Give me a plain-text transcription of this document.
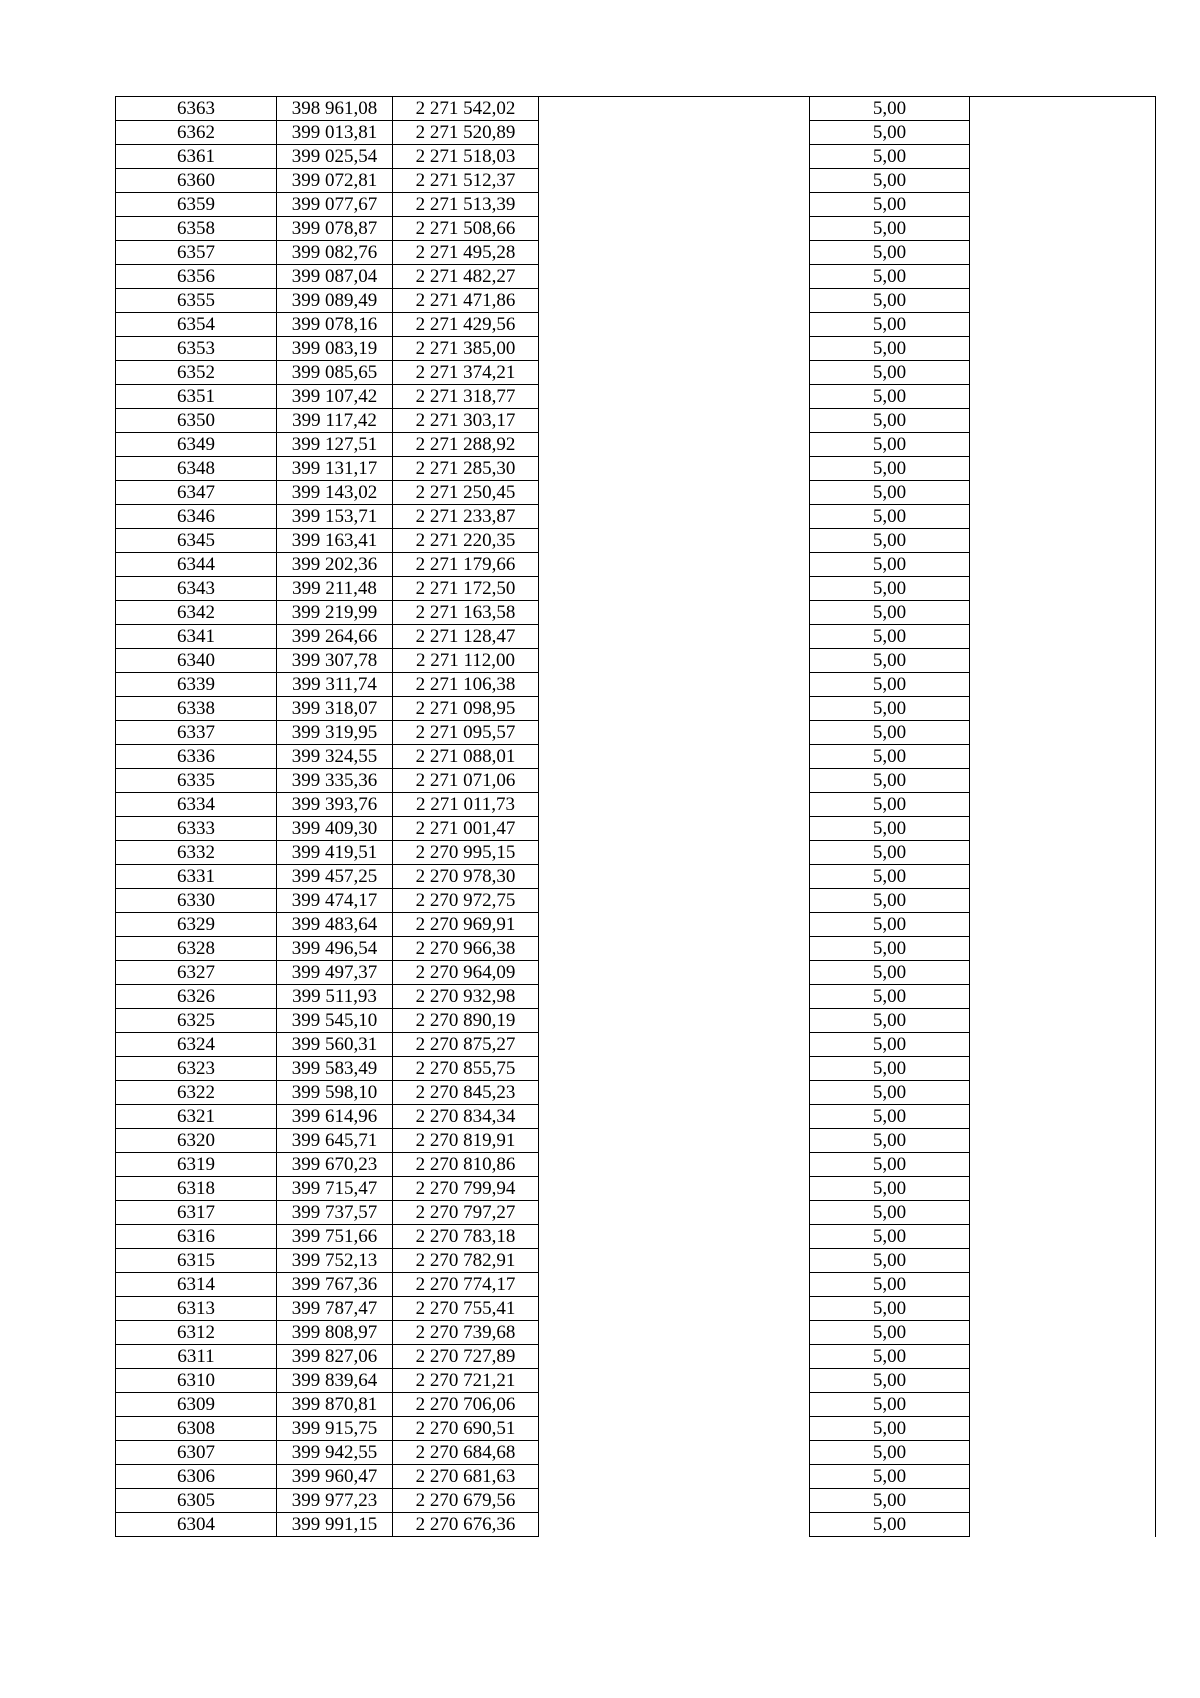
6363	398 961,08	2 271 542,02		5,00	
6362	399 013,81	2 271 520,89		5,00	
6361	399 025,54	2 271 518,03		5,00	
6360	399 072,81	2 271 512,37		5,00	
6359	399 077,67	2 271 513,39		5,00	
6358	399 078,87	2 271 508,66		5,00	
6357	399 082,76	2 271 495,28		5,00	
6356	399 087,04	2 271 482,27		5,00	
6355	399 089,49	2 271 471,86		5,00	
6354	399 078,16	2 271 429,56		5,00	
6353	399 083,19	2 271 385,00		5,00	
6352	399 085,65	2 271 374,21		5,00	
6351	399 107,42	2 271 318,77		5,00	
6350	399 117,42	2 271 303,17		5,00	
6349	399 127,51	2 271 288,92		5,00	
6348	399 131,17	2 271 285,30		5,00	
6347	399 143,02	2 271 250,45		5,00	
6346	399 153,71	2 271 233,87		5,00	
6345	399 163,41	2 271 220,35		5,00	
6344	399 202,36	2 271 179,66		5,00	
6343	399 211,48	2 271 172,50		5,00	
6342	399 219,99	2 271 163,58		5,00	
6341	399 264,66	2 271 128,47		5,00	
6340	399 307,78	2 271 112,00		5,00	
6339	399 311,74	2 271 106,38		5,00	
6338	399 318,07	2 271 098,95		5,00	
6337	399 319,95	2 271 095,57		5,00	
6336	399 324,55	2 271 088,01		5,00	
6335	399 335,36	2 271 071,06		5,00	
6334	399 393,76	2 271 011,73		5,00	
6333	399 409,30	2 271 001,47		5,00	
6332	399 419,51	2 270 995,15		5,00	
6331	399 457,25	2 270 978,30		5,00	
6330	399 474,17	2 270 972,75		5,00	
6329	399 483,64	2 270 969,91		5,00	
6328	399 496,54	2 270 966,38		5,00	
6327	399 497,37	2 270 964,09		5,00	
6326	399 511,93	2 270 932,98		5,00	
6325	399 545,10	2 270 890,19		5,00	
6324	399 560,31	2 270 875,27		5,00	
6323	399 583,49	2 270 855,75		5,00	
6322	399 598,10	2 270 845,23		5,00	
6321	399 614,96	2 270 834,34		5,00	
6320	399 645,71	2 270 819,91		5,00	
6319	399 670,23	2 270 810,86		5,00	
6318	399 715,47	2 270 799,94		5,00	
6317	399 737,57	2 270 797,27		5,00	
6316	399 751,66	2 270 783,18		5,00	
6315	399 752,13	2 270 782,91		5,00	
6314	399 767,36	2 270 774,17		5,00	
6313	399 787,47	2 270 755,41		5,00	
6312	399 808,97	2 270 739,68		5,00	
6311	399 827,06	2 270 727,89		5,00	
6310	399 839,64	2 270 721,21		5,00	
6309	399 870,81	2 270 706,06		5,00	
6308	399 915,75	2 270 690,51		5,00	
6307	399 942,55	2 270 684,68		5,00	
6306	399 960,47	2 270 681,63		5,00	
6305	399 977,23	2 270 679,56		5,00	
6304	399 991,15	2 270 676,36		5,00	
